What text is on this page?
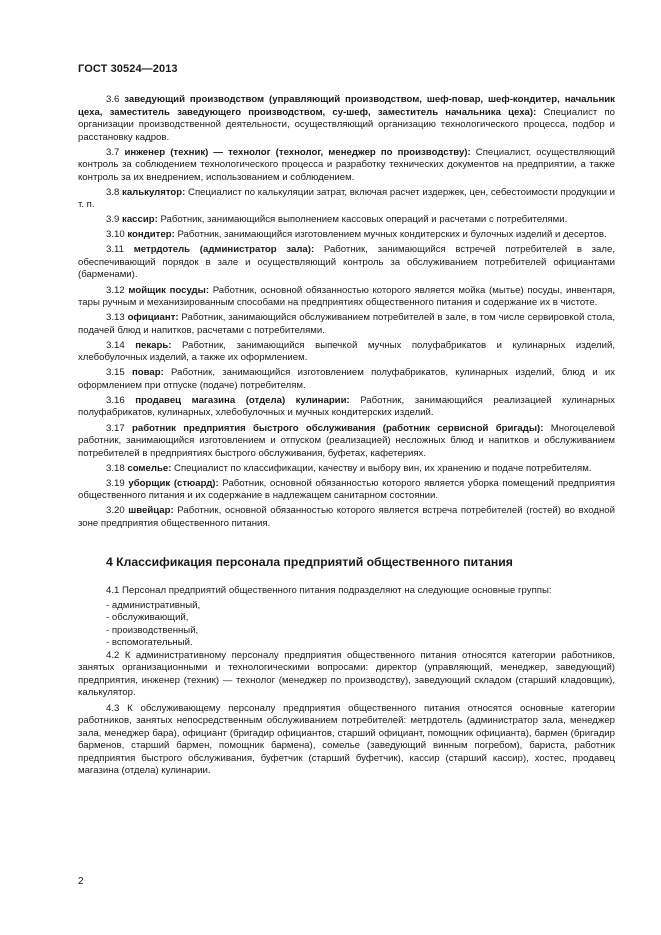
ГОСТ 30524—2013

3.6 заведующий производством (управляющий производством, шеф-повар, шеф-кондитер, начальник цеха, заместитель заведующего производством, су-шеф, заместитель начальника цеха): Специалист по организации производственной деятельности, осуществляющий организацию технологического процесса, подбор и расстановку кадров.

3.7 инженер (техник) — технолог (технолог, менеджер по производству): Специалист, осуществляющий контроль за соблюдением технологического процесса и разработку технических документов на предприятии, а также контроль за их внедрением, использованием и соблюдением.

3.8 калькулятор: Специалист по калькуляции затрат, включая расчет издержек, цен, себестоимости продукции и т. п.

3.9 кассир: Работник, занимающийся выполнением кассовых операций и расчетами с потребителями.

3.10 кондитер: Работник, занимающийся изготовлением мучных кондитерских и булочных изделий и десертов.

3.11 метрдотель (администратор зала): Работник, занимающийся встречей потребителей в зале, обеспечивающий порядок в зале и осуществляющий контроль за обслуживанием потребителей официантами (барменами).

3.12 мойщик посуды: Работник, основной обязанностью которого является мойка (мытье) посуды, инвентаря, тары ручным и механизированным способами на предприятиях общественного питания и содержание их в чистоте.

3.13 официант: Работник, занимающийся обслуживанием потребителей в зале, в том числе сервировкой стола, подачей блюд и напитков, расчетами с потребителями.

3.14 пекарь: Работник, занимающийся выпечкой мучных полуфабрикатов и кулинарных изделий, хлебобулочных изделий, а также их оформлением.

3.15 повар: Работник, занимающийся изготовлением полуфабрикатов, кулинарных изделий, блюд и их оформлением при отпуске (подаче) потребителям.

3.16 продавец магазина (отдела) кулинарии: Работник, занимающийся реализацией кулинарных полуфабрикатов, кулинарных, хлебобулочных и мучных кондитерских изделий.

3.17 работник предприятия быстрого обслуживания (работник сервисной бригады): Многоцелевой работник, занимающийся изготовлением и отпуском (реализацией) несложных блюд и напитков и обслуживанием потребителей в предприятиях быстрого обслуживания, буфетах, кафетериях.

3.18 сомелье: Специалист по классификации, качеству и выбору вин, их хранению и подаче потребителям.

3.19 уборщик (стюард): Работник, основной обязанностью которого является уборка помещений предприятия общественного питания и их содержание в надлежащем санитарном состоянии.

3.20 швейцар: Работник, основной обязанностью которого является встреча потребителей (гостей) во входной зоне предприятия общественного питания.

4 Классификация персонала предприятий общественного питания

4.1 Персонал предприятий общественного питания подразделяют на следующие основные группы:

- административный,
- обслуживающий,
- производственный,
- вспомогательный.

4.2 К административному персоналу предприятия общественного питания относятся категории работников, занятых организационными и технологическими вопросами: директор (управляющий, менеджер, заведующий) предприятия, инженер (техник) — технолог (менеджер по производству), заведующий складом (старший кладовщик), калькулятор.

4.3 К обслуживающему персоналу предприятия общественного питания относятся основные категории работников, занятых непосредственным обслуживанием потребителей: метрдотель (администратор зала, менеджер зала, менеджер бара), официант (бригадир официантов, старший официант, помощник официанта), бармен (бригадир барменов, старший бармен, помощник бармена), сомелье (заведующий винным погребом), бариста, работник предприятия быстрого обслуживания, буфетчик (старший буфетчик), кассир (старший кассир), хостес, продавец магазина (отдела) кулинарии.

2
